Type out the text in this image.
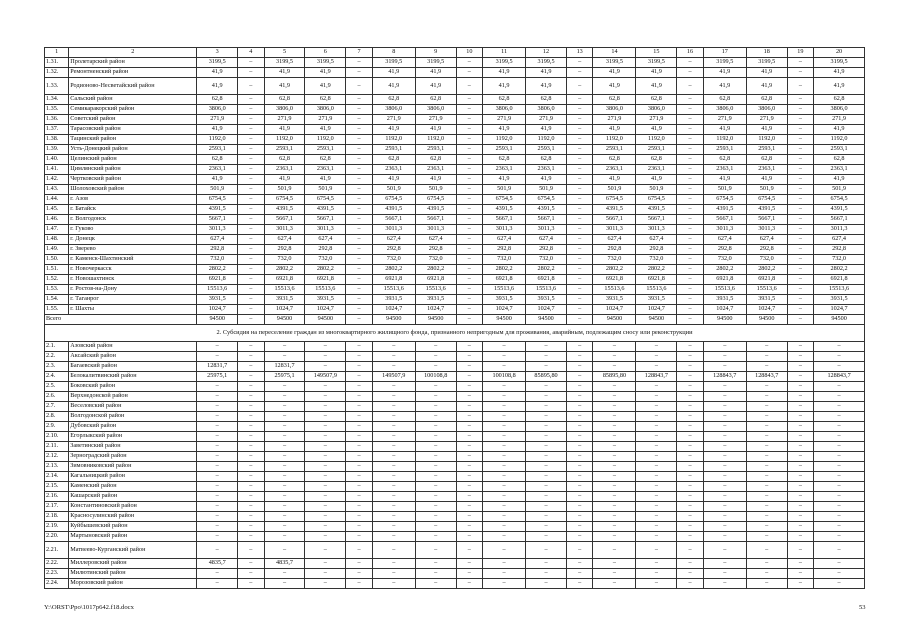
1	2	3	4	5	6	7	8	9	10	11	12	13	14	15	16	17	18	19	20
1.31.	Пролетарский район	3199,5	–	3199,5	3199,5	–	3199,5	3199,5	–	3199,5	3199,5	–	3199,5	3199,5	–	3199,5	3199,5	–	3199,5
1.32.	Ремонтненский район	41,9	–	41,9	41,9	–	41,9	41,9	–	41,9	41,9	–	41,9	41,9	–	41,9	41,9	–	41,9
1.33.	Родионово-Несветайский район	41,9	–	41,9	41,9	–	41,9	41,9	–	41,9	41,9	–	41,9	41,9	–	41,9	41,9	–	41,9
1.34.	Сальский район	62,8	–	62,8	62,8	–	62,8	62,8	–	62,8	62,8	–	62,8	62,8	–	62,8	62,8	–	62,8
1.35.	Семикаракорский район	3806,0	–	3806,0	3806,0	–	3806,0	3806,0	–	3806,0	3806,0	–	3806,0	3806,0	–	3806,0	3806,0	–	3806,0
1.36.	Советский район	271,9	–	271,9	271,9	–	271,9	271,9	–	271,9	271,9	–	271,9	271,9	–	271,9	271,9	–	271,9
1.37.	Тарасовский район	41,9	–	41,9	41,9	–	41,9	41,9	–	41,9	41,9	–	41,9	41,9	–	41,9	41,9	–	41,9
1.38.	Тацинский район	1192,0	–	1192,0	1192,0	–	1192,0	1192,0	–	1192,0	1192,0	–	1192,0	1192,0	–	1192,0	1192,0	–	1192,0
1.39.	Усть-Донецкий район	2593,1	–	2593,1	2593,1	–	2593,1	2593,1	–	2593,1	2593,1	–	2593,1	2593,1	–	2593,1	2593,1	–	2593,1
1.40.	Целинский район	62,8	–	62,8	62,8	–	62,8	62,8	–	62,8	62,8	–	62,8	62,8	–	62,8	62,8	–	62,8
1.41.	Цимлянский район	2363,1	–	2363,1	2363,1	–	2363,1	2363,1	–	2363,1	2363,1	–	2363,1	2363,1	–	2363,1	2363,1	–	2363,1
1.42.	Чертковский район	41,9	–	41,9	41,9	–	41,9	41,9	–	41,9	41,9	–	41,9	41,9	–	41,9	41,9	–	41,9
1.43.	Шолоховский район	501,9	–	501,9	501,9	–	501,9	501,9	–	501,9	501,9	–	501,9	501,9	–	501,9	501,9	–	501,9
1.44.	г. Азов	6754,5	–	6754,5	6754,5	–	6754,5	6754,5	–	6754,5	6754,5	–	6754,5	6754,5	–	6754,5	6754,5	–	6754,5
1.45.	г. Батайск	4391,5	–	4391,5	4391,5	–	4391,5	4391,5	–	4391,5	4391,5	–	4391,5	4391,5	–	4391,5	4391,5	–	4391,5
1.46.	г. Волгодонск	5667,1	–	5667,1	5667,1	–	5667,1	5667,1	–	5667,1	5667,1	–	5667,1	5667,1	–	5667,1	5667,1	–	5667,1
1.47.	г. Гуково	3011,3	–	3011,3	3011,3	–	3011,3	3011,3	–	3011,3	3011,3	–	3011,3	3011,3	–	3011,3	3011,3	–	3011,3
1.48.	г. Донецк	627,4	–	627,4	627,4	–	627,4	627,4	–	627,4	627,4	–	627,4	627,4	–	627,4	627,4	–	627,4
1.49.	г. Зверево	292,8	–	292,8	292,8	–	292,8	292,8	–	292,8	292,8	–	292,8	292,8	–	292,8	292,8	–	292,8
1.50.	г. Каменск-Шахтинский	732,0	–	732,0	732,0	–	732,0	732,0	–	732,0	732,0	–	732,0	732,0	–	732,0	732,0	–	732,0
1.51.	г. Новочеркасск	2802,2	–	2802,2	2802,2	–	2802,2	2802,2	–	2802,2	2802,2	–	2802,2	2802,2	–	2802,2	2802,2	–	2802,2
1.52.	г. Новошахтинск	6921,8	–	6921,8	6921,8	–	6921,8	6921,8	–	6921,8	6921,8	–	6921,8	6921,8	–	6921,8	6921,8	–	6921,8
1.53.	г. Ростов-на-Дону	15513,6	–	15513,6	15513,6	–	15513,6	15513,6	–	15513,6	15513,6	–	15513,6	15513,6	–	15513,6	15513,6	–	15513,6
1.54.	г. Таганрог	3931,5	–	3931,5	3931,5	–	3931,5	3931,5	–	3931,5	3931,5	–	3931,5	3931,5	–	3931,5	3931,5	–	3931,5
1.55.	г. Шахты	1024,7	–	1024,7	1024,7	–	1024,7	1024,7	–	1024,7	1024,7	–	1024,7	1024,7	–	1024,7	1024,7	–	1024,7
Всего		94500	–	94500	94500	–	94500	94500	–	94500	94500	–	94500	94500	–	94500	94500	–	94500
2. Субсидия на переселение граждан из многоквартирного жилищного фонда, признанного непригодным для проживания, аварийным, подлежащим сносу или реконструкции																			
2.1.	Азовский район	–	–	–	–	–	–	–	–	–	–	–	–	–	–	–	–	–	–
2.2.	Аксайский район	–	–	–	–	–	–	–	–	–	–	–	–	–	–	–	–	–	–
2.3.	Багаевский район	12831,7	–	12831,7	–	–	–	–	–	–	–	–	–	–	–	–	–	–	–
2.4.	Белокалитвинский район	25975,1	–	25975,1	149507,9	–	149507,9	100108,8	–	100108,8	85895,80	–	85895,80	128843,7	–	128843,7	128843,7	–	128843,7
2.5.	Боковский район	–	–	–	–	–	–	–	–	–	–	–	–	–	–	–	–	–	–
2.6.	Верхнедонской район	–	–	–	–	–	–	–	–	–	–	–	–	–	–	–	–	–	–
2.7.	Веселовский район	–	–	–	–	–	–	–	–	–	–	–	–	–	–	–	–	–	–
2.8.	Волгодонской район	–	–	–	–	–	–	–	–	–	–	–	–	–	–	–	–	–	–
2.9.	Дубовский район	–	–	–	–	–	–	–	–	–	–	–	–	–	–	–	–	–	–
2.10.	Егорлыкский район	–	–	–	–	–	–	–	–	–	–	–	–	–	–	–	–	–	–
2.11.	Заветинский район	–	–	–	–	–	–	–	–	–	–	–	–	–	–	–	–	–	–
2.12.	Зерноградский район	–	–	–	–	–	–	–	–	–	–	–	–	–	–	–	–	–	–
2.13.	Зимовниковский район	–	–	–	–	–	–	–	–	–	–	–	–	–	–	–	–	–	–
2.14.	Кагальницкий район	–	–	–	–	–	–	–	–	–	–	–	–	–	–	–	–	–	–
2.15.	Каменский район	–	–	–	–	–	–	–	–	–	–	–	–	–	–	–	–	–	–
2.16.	Кашарский район	–	–	–	–	–	–	–	–	–	–	–	–	–	–	–	–	–	–
2.17.	Константиновский район	–	–	–	–	–	–	–	–	–	–	–	–	–	–	–	–	–	–
2.18.	Красносулинский район	–	–	–	–	–	–	–	–	–	–	–	–	–	–	–	–	–	–
2.19.	Куйбышевский район	–	–	–	–	–	–	–	–	–	–	–	–	–	–	–	–	–	–
2.20.	Мартыновский район	–	–	–	–	–	–	–	–	–	–	–	–	–	–	–	–	–	–
2.21.	Матвеево-Курганский район	–	–	–	–	–	–	–	–	–	–	–	–	–	–	–	–	–	–
2.22.	Миллеровский район	4835,7	–	4835,7	–	–	–	–	–	–	–	–	–	–	–	–	–	–	–
2.23.	Милютинский район	–	–	–	–	–	–	–	–	–	–	–	–	–	–	–	–	–	–
2.24.	Морозовский район	–	–	–	–	–	–	–	–	–	–	–	–	–	–	–	–	–	–
Y:\ORST\Ppo\1017p642.f18.docx	53
